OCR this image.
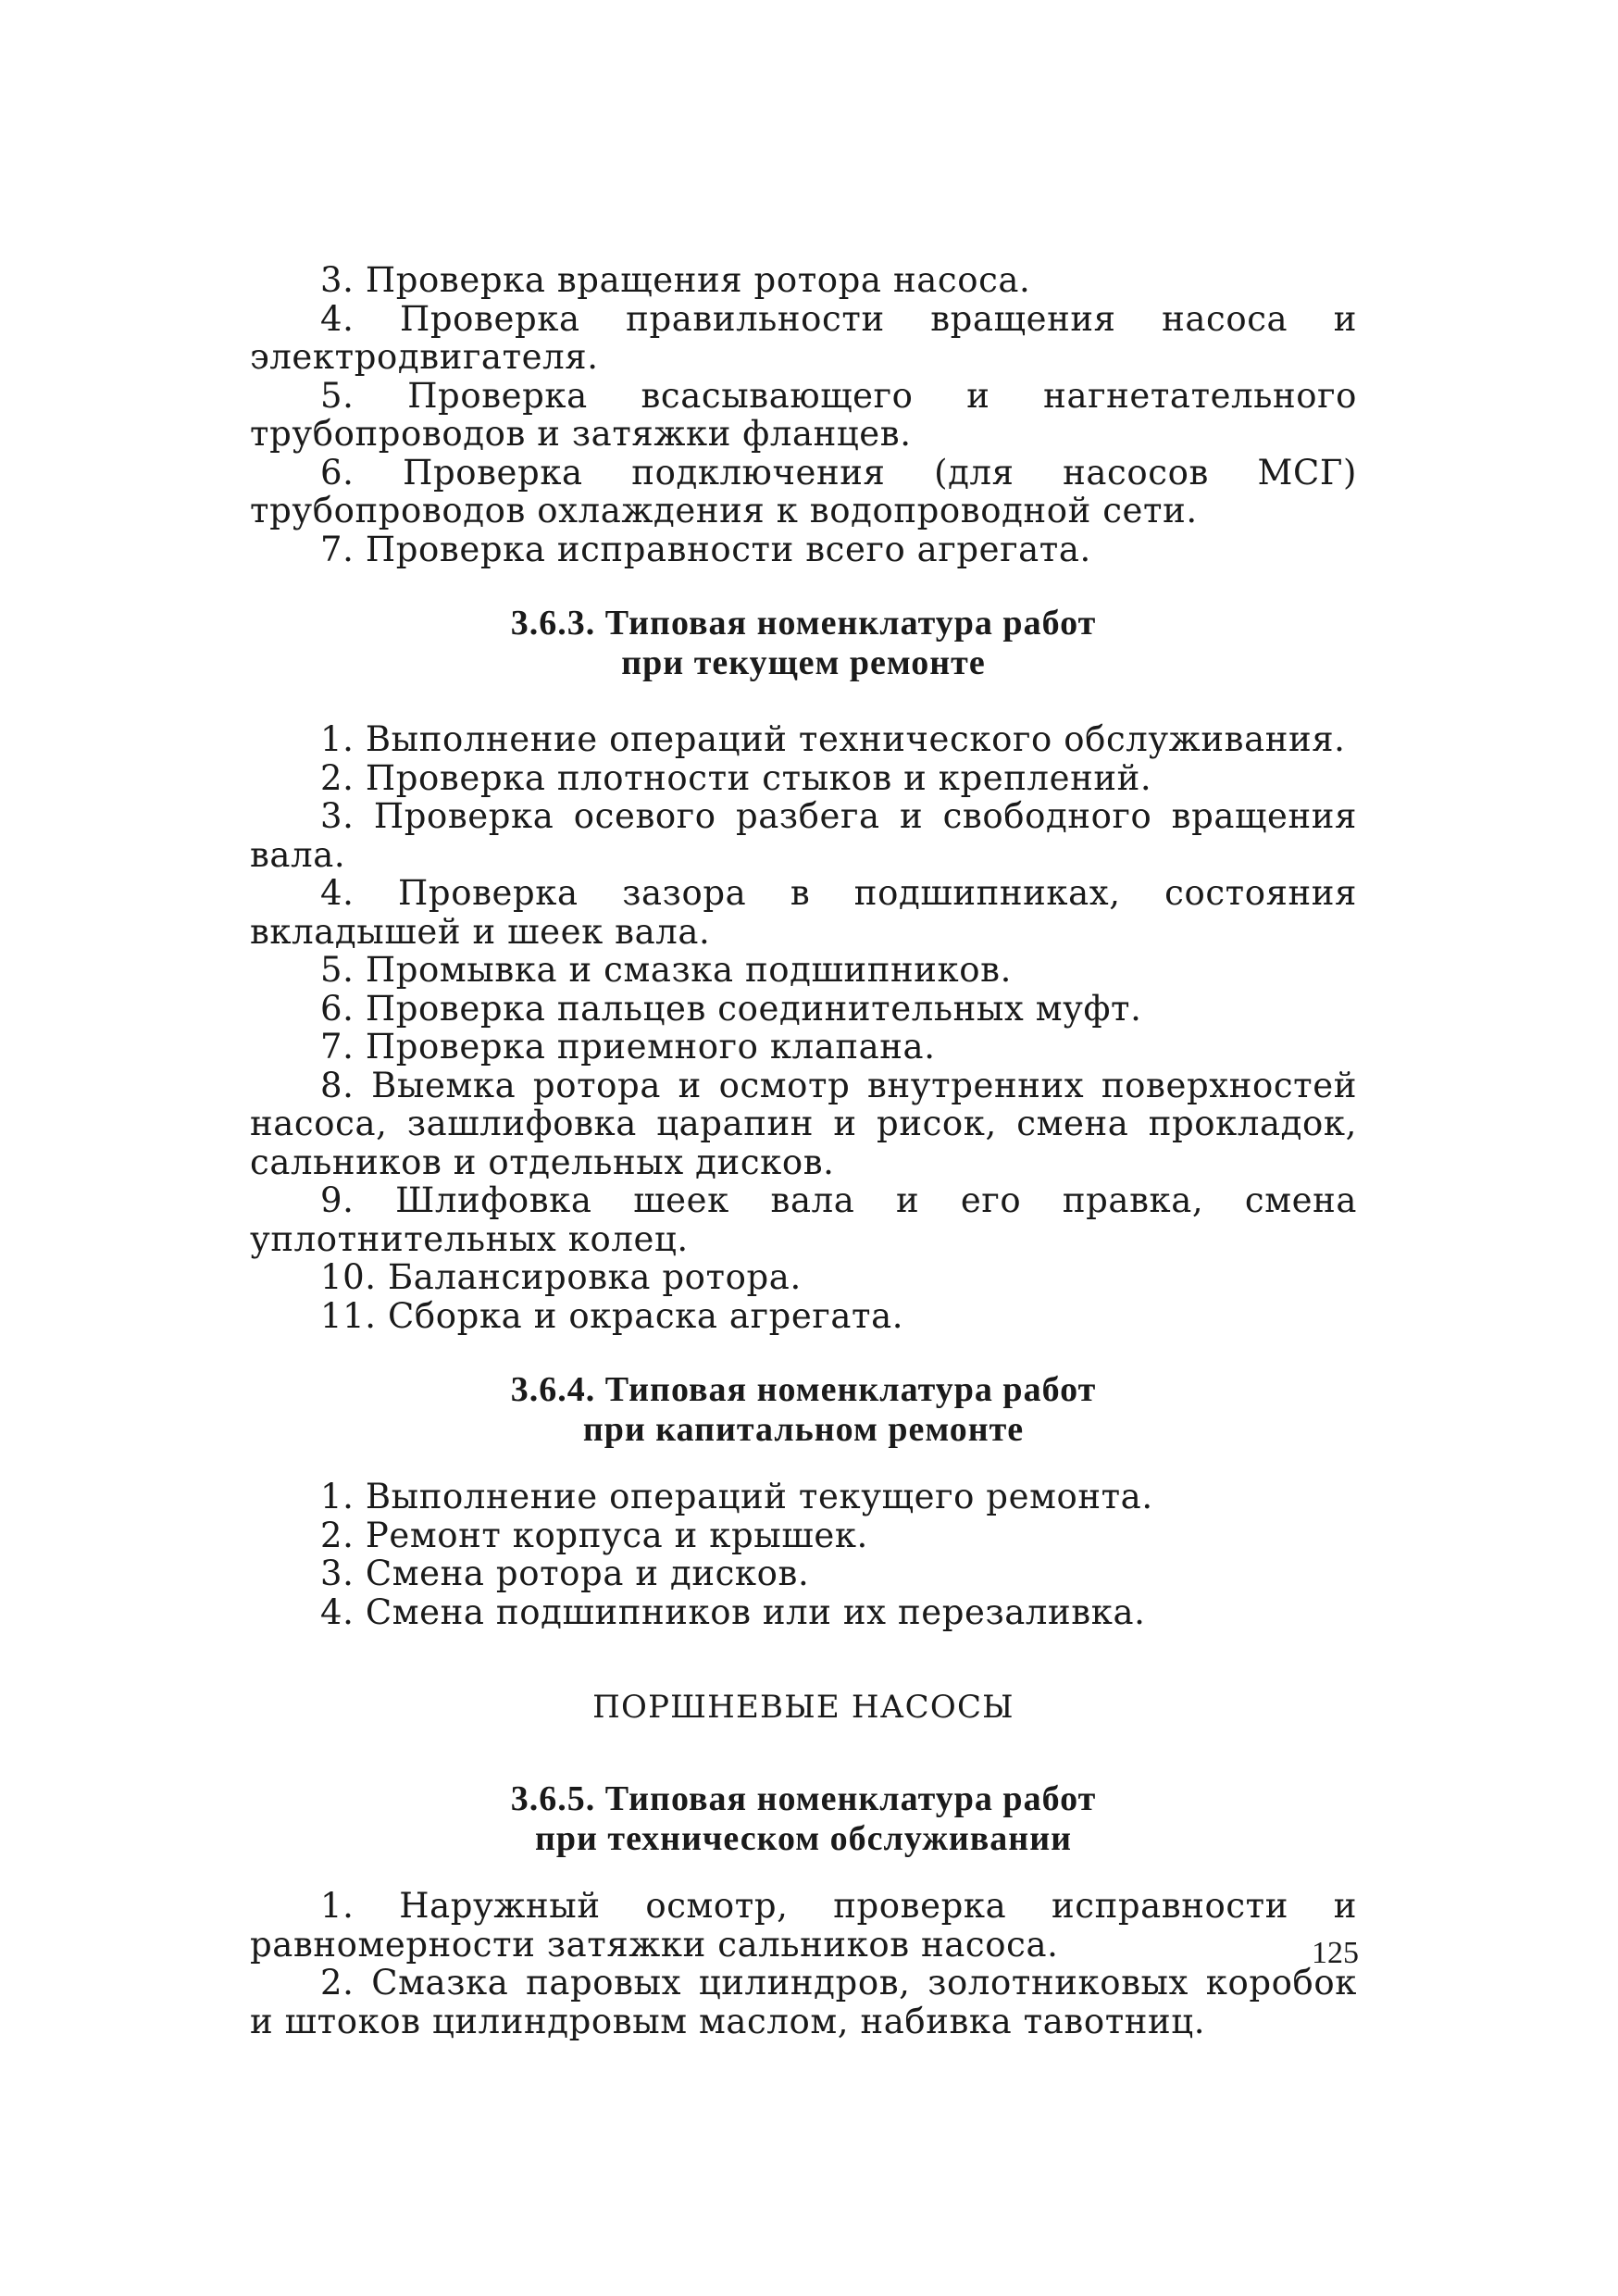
3. Проверка вращения ротора насоса.

4. Проверка правильности вращения насоса и электродвигателя.

5. Проверка всасывающего и нагнетательного трубопроводов и затяжки фланцев.

6. Проверка подключения (для насосов МСГ) трубопроводов охлаждения к водопроводной сети.

7. Проверка исправности всего агрегата.

3.6.3. Типовая номенклатура работ
при текущем ремонте

1. Выполнение операций технического обслуживания.

2. Проверка плотности стыков и креплений.

3. Проверка осевого разбега и свободного вращения вала.

4. Проверка зазора в подшипниках, состояния вкладышей и шеек вала.

5. Промывка и смазка подшипников.

6. Проверка пальцев соединительных муфт.

7. Проверка приемного клапана.

8. Выемка ротора и осмотр внутренних поверхностей насоса, зашлифовка царапин и рисок, смена прокладок, сальников и отдельных дисков.

9. Шлифовка шеек вала и его правка, смена уплотнительных колец.

10. Балансировка ротора.

11. Сборка и окраска агрегата.

3.6.4. Типовая номенклатура работ
при капитальном ремонте

1. Выполнение операций текущего ремонта.

2. Ремонт корпуса и крышек.

3. Смена ротора и дисков.

4. Смена подшипников или их перезаливка.

ПОРШНЕВЫЕ НАСОСЫ

3.6.5. Типовая номенклатура работ
при техническом обслуживании

1. Наружный осмотр, проверка исправности и равномерности затяжки сальников насоса.

2. Смазка паровых цилиндров, золотниковых коробок и штоков цилиндровым маслом, набивка тавотниц.

125
